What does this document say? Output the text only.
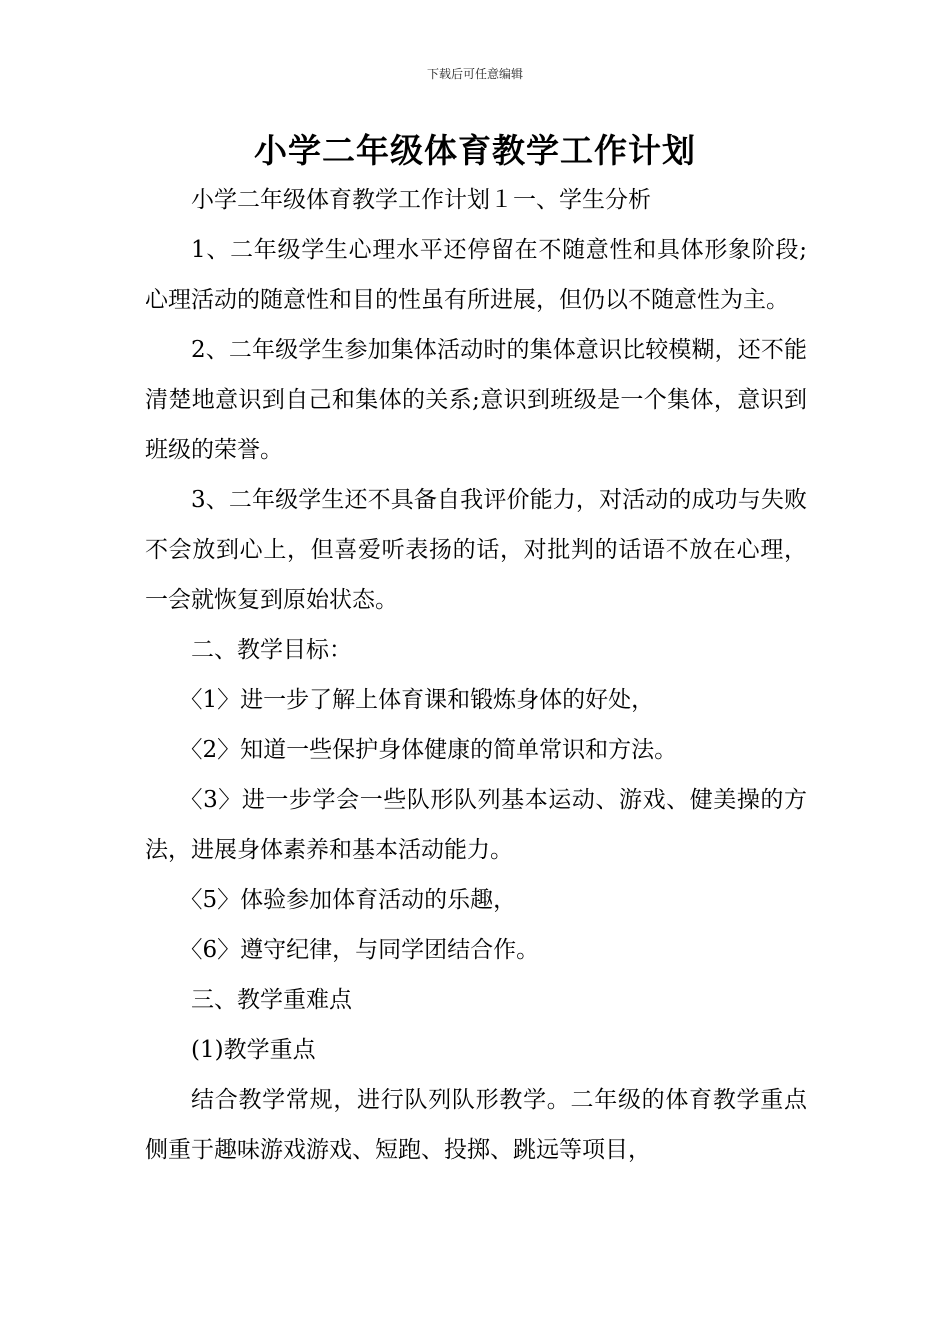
下载后可任意编辑
小学二年级体育教学工作计划

小学二年级体育教学工作计划１一、学生分析

1、二年级学生心理水平还停留在不随意性和具体形象阶段;心理活动的随意性和目的性虽有所进展，但仍以不随意性为主。

2、二年级学生参加集体活动时的集体意识比较模糊，还不能清楚地意识到自己和集体的关系;意识到班级是一个集体，意识到班级的荣誉。

3、二年级学生还不具备自我评价能力，对活动的成功与失败不会放到心上，但喜爱听表扬的话，对批判的话语不放在心理，一会就恢复到原始状态。

二、教学目标：

〈1〉进一步了解上体育课和锻炼身体的好处，

〈2〉知道一些保护身体健康的简单常识和方法。

〈3〉进一步学会一些队形队列基本运动、游戏、健美操的方法，进展身体素养和基本活动能力。

〈5〉体验参加体育活动的乐趣，

〈6〉遵守纪律，与同学团结合作。

三、教学重难点

(1)教学重点

结合教学常规，进行队列队形教学。二年级的体育教学重点侧重于趣味游戏游戏、短跑、投掷、跳远等项目，
